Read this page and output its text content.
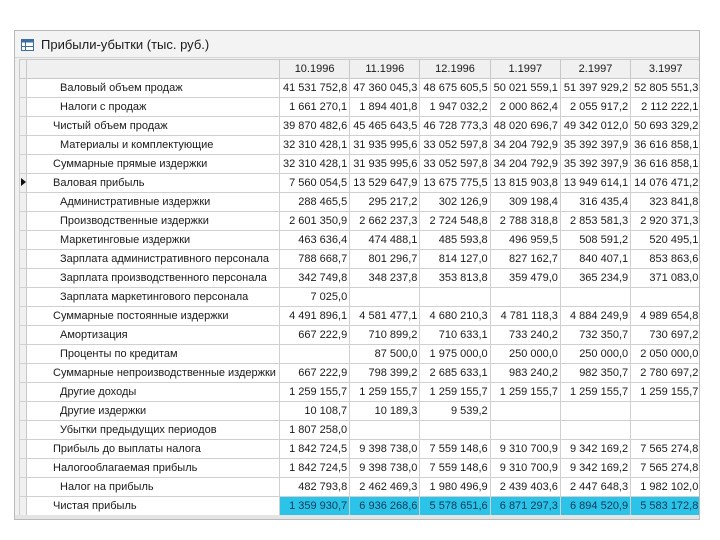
Прибыли-убытки (тыс. руб.)
		10.1996	11.1996	12.1996	1.1997	2.1997	3.1997
	Валовый объем продаж	41 531 752,8	47 360 045,3	48 675 605,5	50 021 559,1	51 397 929,2	52 805 551,3
	Налоги с продаж	1 661 270,1	1 894 401,8	1 947 032,2	2 000 862,4	2 055 917,2	2 112 222,1
	Чистый объем продаж	39 870 482,6	45 465 643,5	46 728 773,3	48 020 696,7	49 342 012,0	50 693 329,2
	Материалы и комплектующие	32 310 428,1	31 935 995,6	33 052 597,8	34 204 792,9	35 392 397,9	36 616 858,1
	Суммарные прямые издержки	32 310 428,1	31 935 995,6	33 052 597,8	34 204 792,9	35 392 397,9	36 616 858,1
	Валовая прибыль	7 560 054,5	13 529 647,9	13 675 775,5	13 815 903,8	13 949 614,1	14 076 471,2
	Административные издержки	288 465,5	295 217,2	302 126,9	309 198,4	316 435,4	323 841,8
	Производственные издержки	2 601 350,9	2 662 237,3	2 724 548,8	2 788 318,8	2 853 581,3	2 920 371,3
	Маркетинговые издержки	463 636,4	474 488,1	485 593,8	496 959,5	508 591,2	520 495,1
	Зарплата административного персонала	788 668,7	801 296,7	814 127,0	827 162,7	840 407,1	853 863,6
	Зарплата производственного персонала	342 749,8	348 237,8	353 813,8	359 479,0	365 234,9	371 083,0
	Зарплата маркетингового персонала	7 025,0					
	Суммарные постоянные издержки	4 491 896,1	4 581 477,1	4 680 210,3	4 781 118,3	4 884 249,9	4 989 654,8
	Амортизация	667 222,9	710 899,2	710 633,1	733 240,2	732 350,7	730 697,2
	Проценты по кредитам		87 500,0	1 975 000,0	250 000,0	250 000,0	2 050 000,0
	Суммарные непроизводственные издержки	667 222,9	798 399,2	2 685 633,1	983 240,2	982 350,7	2 780 697,2
	Другие доходы	1 259 155,7	1 259 155,7	1 259 155,7	1 259 155,7	1 259 155,7	1 259 155,7
	Другие издержки	10 108,7	10 189,3	9 539,2			
	Убытки предыдущих периодов	1 807 258,0					
	Прибыль до выплаты налога	1 842 724,5	9 398 738,0	7 559 148,6	9 310 700,9	9 342 169,2	7 565 274,8
	Налогооблагаемая прибыль	1 842 724,5	9 398 738,0	7 559 148,6	9 310 700,9	9 342 169,2	7 565 274,8
	Налог на прибыль	482 793,8	2 462 469,3	1 980 496,9	2 439 403,6	2 447 648,3	1 982 102,0
	Чистая прибыль	1 359 930,7	6 936 268,6	5 578 651,6	6 871 297,3	6 894 520,9	5 583 172,8
